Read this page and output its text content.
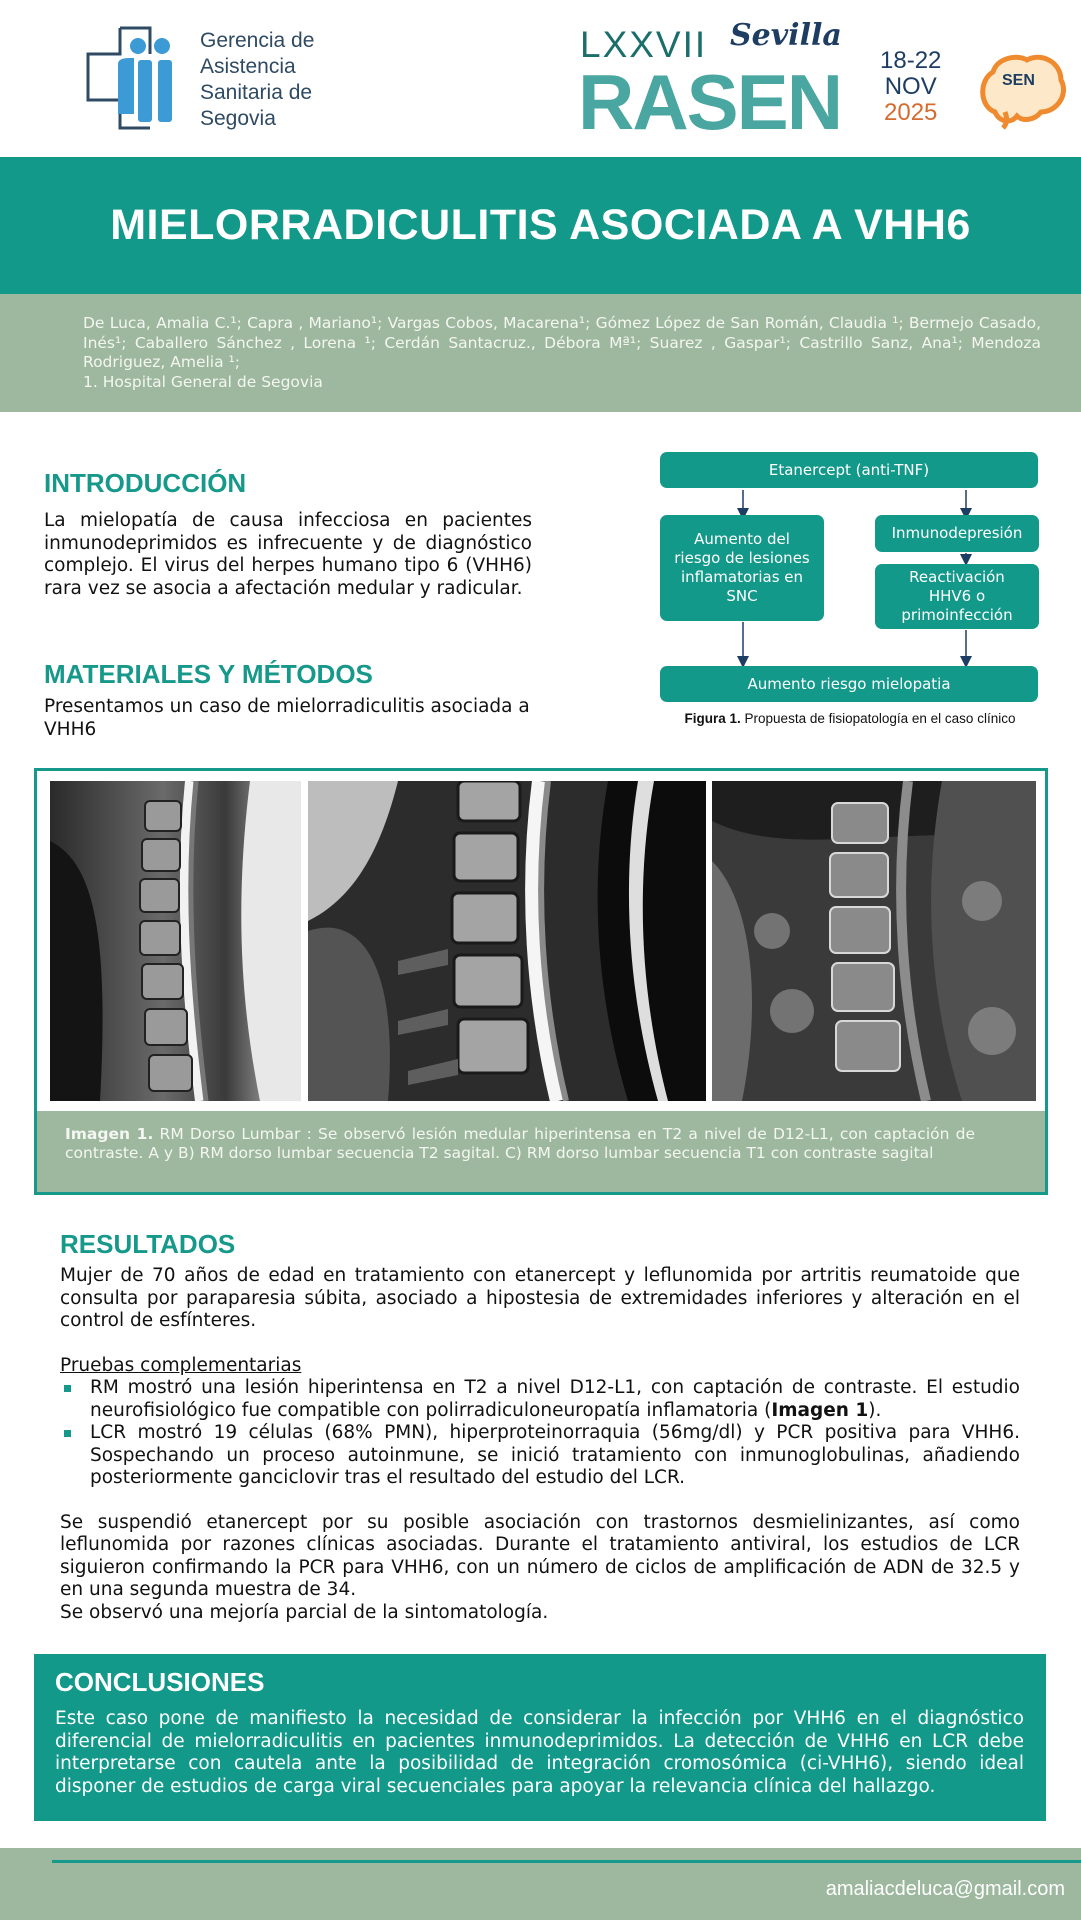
Gerencia de
Asistencia
Sanitaria de
Segovia
LXXVII Sevilla
RASEN 18-22
NOV
2025
SEN
MIELORRADICULITIS ASOCIADA A VHH6

De Luca, Amalia C.¹; Capra , Mariano¹; Vargas Cobos, Macarena¹; Gómez López de San Román, Claudia ¹; Bermejo Casado, Inés¹; Caballero Sánchez , Lorena ¹; Cerdán Santacruz., Débora Mª¹; Suarez , Gaspar¹; Castrillo Sanz, Ana¹; Mendoza Rodriguez, Amelia ¹;

1. Hospital General de Segovia

INTRODUCCIÓN

La mielopatía de causa infecciosa en pacientes inmunodeprimidos es infrecuente y de diagnóstico complejo. El virus del herpes humano tipo 6 (VHH6) rara vez se asocia a afectación medular y radicular.

MATERIALES Y MÉTODOS

Presentamos un caso de mielorradiculitis asociada a VHH6

Etanercept (anti-TNF)
Aumento del riesgo de lesiones inflamatorias en SNC
Inmunodepresión
Reactivación HHV6 o primoinfección
Aumento riesgo mielopatia
Figura 1. Propuesta de fisiopatología en el caso clínico
Imagen 1. RM Dorso Lumbar : Se observó lesión medular hiperintensa en T2 a nivel de D12-L1, con captación de contraste. A y B) RM dorso lumbar secuencia T2 sagital. C) RM dorso lumbar secuencia T1 con contraste sagital
RESULTADOS

Mujer de 70 años de edad en tratamiento con etanercept y leflunomida por artritis reumatoide que consulta por paraparesia súbita, asociado a hipostesia de extremidades inferiores y alteración en el control de esfínteres.

Pruebas complementarias

RM mostró una lesión hiperintensa en T2 a nivel D12-L1, con captación de contraste. El estudio neurofisiológico fue compatible con polirradiculoneuropatía inflamatoria (Imagen 1).
LCR mostró 19 células (68% PMN), hiperproteinorraquia (56mg/dl) y PCR positiva para VHH6. Sospechando un proceso autoinmune, se inició tratamiento con inmunoglobulinas, añadiendo posteriormente ganciclovir tras el resultado del estudio del LCR.

Se suspendió etanercept por su posible asociación con trastornos desmielinizantes, así como leflunomida por razones clínicas asociadas. Durante el tratamiento antiviral, los estudios de LCR siguieron confirmando la PCR para VHH6, con un número de ciclos de amplificación de ADN de 32.5 y en una segunda muestra de 34.

Se observó una mejoría parcial de la sintomatología.

CONCLUSIONES

Este caso pone de manifiesto la necesidad de considerar la infección por VHH6 en el diagnóstico diferencial de mielorradiculitis en pacientes inmunodeprimidos. La detección de VHH6 en LCR debe interpretarse con cautela ante la posibilidad de integración cromosómica (ci-VHH6), siendo ideal disponer de estudios de carga viral secuenciales para apoyar la relevancia clínica del hallazgo.

amaliacdeluca@gmail.com
